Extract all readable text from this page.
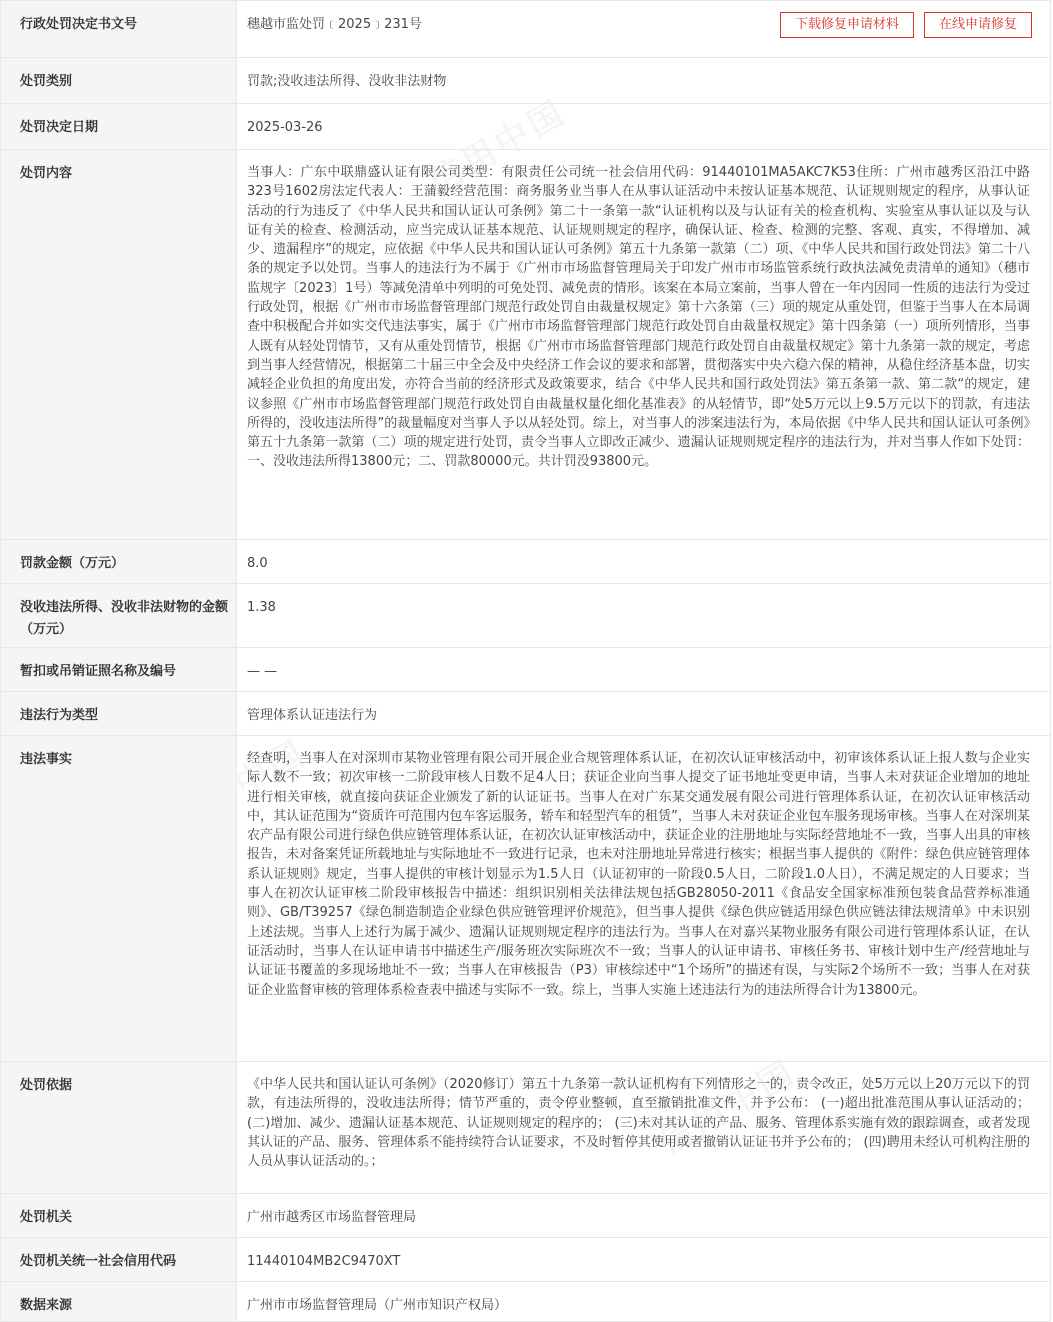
行政处罚决定书文号	穗越市监处罚﹝2025﹞231号 下载修复申请材料 在线申请修复

处罚类别	罚款;没收违法所得、没收非法财物
处罚决定日期	2025-03-26
处罚内容	当事人：广东中联鼎盛认证有限公司类型：有限责任公司统一社会信用代码：91440101MA5AKC7K53住所：广州市越秀区沿江中路323号1602房法定代表人：王蒲毅经营范围：商务服务业当事人在从事认证活动中未按认证基本规范、认证规则规定的程序，从事认证活动的行为违反了《中华人民共和国认证认可条例》第二十一条第一款“认证机构以及与认证有关的检查机构、实验室从事认证以及与认证有关的检查、检测活动，应当完成认证基本规范、认证规则规定的程序，确保认证、检查、检测的完整、客观、真实，不得增加、减少、遗漏程序”的规定，应依据《中华人民共和国认证认可条例》第五十九条第一款第（二）项、《中华人民共和国行政处罚法》第二十八条的规定予以处罚。当事人的违法行为不属于《广州市市场监督管理局关于印发广州市市场监管系统行政执法减免责清单的通知》（穗市监规字〔2023〕1号）等减免清单中列明的可免处罚、减免责的情形。该案在本局立案前，当事人曾在一年内因同一性质的违法行为受过行政处罚，根据《广州市市场监督管理部门规范行政处罚自由裁量权规定》第十六条第（三）项的规定从重处罚，但鉴于当事人在本局调查中积极配合并如实交代违法事实，属于《广州市市场监督管理部门规范行政处罚自由裁量权规定》第十四条第（一）项所列情形，当事人既有从轻处罚情节，又有从重处罚情节，根据《广州市市场监督管理部门规范行政处罚自由裁量权规定》第十九条第一款的规定，考虑到当事人经营情况，根据第二十届三中全会及中央经济工作会议的要求和部署，贯彻落实中央六稳六保的精神，从稳住经济基本盘，切实减轻企业负担的角度出发，亦符合当前的经济形式及政策要求，结合《中华人民共和国行政处罚法》第五条第一款、第二款“的规定，建议参照《广州市市场监督管理部门规范行政处罚自由裁量权量化细化基准表》的从轻情节，即“处5万元以上9.5万元以下的罚款，有违法所得的，没收违法所得”的裁量幅度对当事人予以从轻处罚。综上，对当事人的涉案违法行为，本局依据《中华人民共和国认证认可条例》第五十九条第一款第（二）项的规定进行处罚，责令当事人立即改正减少、遗漏认证规则规定程序的违法行为，并对当事人作如下处罚：一、没收违法所得13800元；二、罚款80000元。共计罚没93800元。
罚款金额（万元）	8.0
没收违法所得、没收非法财物的金额（万元）	1.38
暂扣或吊销证照名称及编号	— —
违法行为类型	管理体系认证违法行为
违法事实	经查明，当事人在对深圳市某物业管理有限公司开展企业合规管理体系认证，在初次认证审核活动中，初审该体系认证上报人数与企业实际人数不一致；初次审核一二阶段审核人日数不足4人日；获证企业向当事人提交了证书地址变更申请，当事人未对获证企业增加的地址进行相关审核，就直接向获证企业颁发了新的认证证书。当事人在对广东某交通发展有限公司进行管理体系认证，在初次认证审核活动中，其认证范围为“资质许可范围内包车客运服务，轿车和轻型汽车的租赁”，当事人未对获证企业包车服务现场审核。当事人在对深圳某农产品有限公司进行绿色供应链管理体系认证，在初次认证审核活动中，获证企业的注册地址与实际经营地址不一致，当事人出具的审核报告，未对备案凭证所载地址与实际地址不一致进行记录，也未对注册地址异常进行核实；根据当事人提供的《附件：绿色供应链管理体系认证规则》规定，当事人提供的审核计划显示为1.5人日（认证初审的一阶段0.5人日，二阶段1.0人日），不满足规定的人日要求；当事人在初次认证审核二阶段审核报告中描述：组织识别相关法律法规包括GB28050-2011《食品安全国家标准预包装食品营养标准通则》、GB/T39257《绿色制造制造企业绿色供应链管理评价规范》，但当事人提供《绿色供应链适用绿色供应链法律法规清单》中未识别上述法规。当事人上述行为属于减少、遗漏认证规则规定程序的违法行为。当事人在对嘉兴某物业服务有限公司进行管理体系认证，在认证活动时，当事人在认证申请书中描述生产/服务班次实际班次不一致；当事人的认证申请书、审核任务书、审核计划中生产/经营地址与认证证书覆盖的多现场地址不一致；当事人在审核报告（P3）审核综述中“1个场所”的描述有误，与实际2个场所不一致；当事人在对获证企业监督审核的管理体系检查表中描述与实际不一致。综上，当事人实施上述违法行为的违法所得合计为13800元。
处罚依据	《中华人民共和国认证认可条例》（2020修订）第五十九条第一款认证机构有下列情形之一的，责令改正，处5万元以上20万元以下的罚款，有违法所得的，没收违法所得；情节严重的，责令停业整顿，直至撤销批准文件，并予公布： (一)超出批准范围从事认证活动的； (二)增加、减少、遗漏认证基本规范、认证规则规定的程序的； (三)未对其认证的产品、服务、管理体系实施有效的跟踪调查，或者发现其认证的产品、服务、管理体系不能持续符合认证要求，不及时暂停其使用或者撤销认证证书并予公布的； (四)聘用未经认可机构注册的人员从事认证活动的。；
处罚机关	广州市越秀区市场监督管理局
处罚机关统一社会信用代码	11440104MB2C9470XT
数据来源	广州市市场监督管理局（广州市知识产权局）
